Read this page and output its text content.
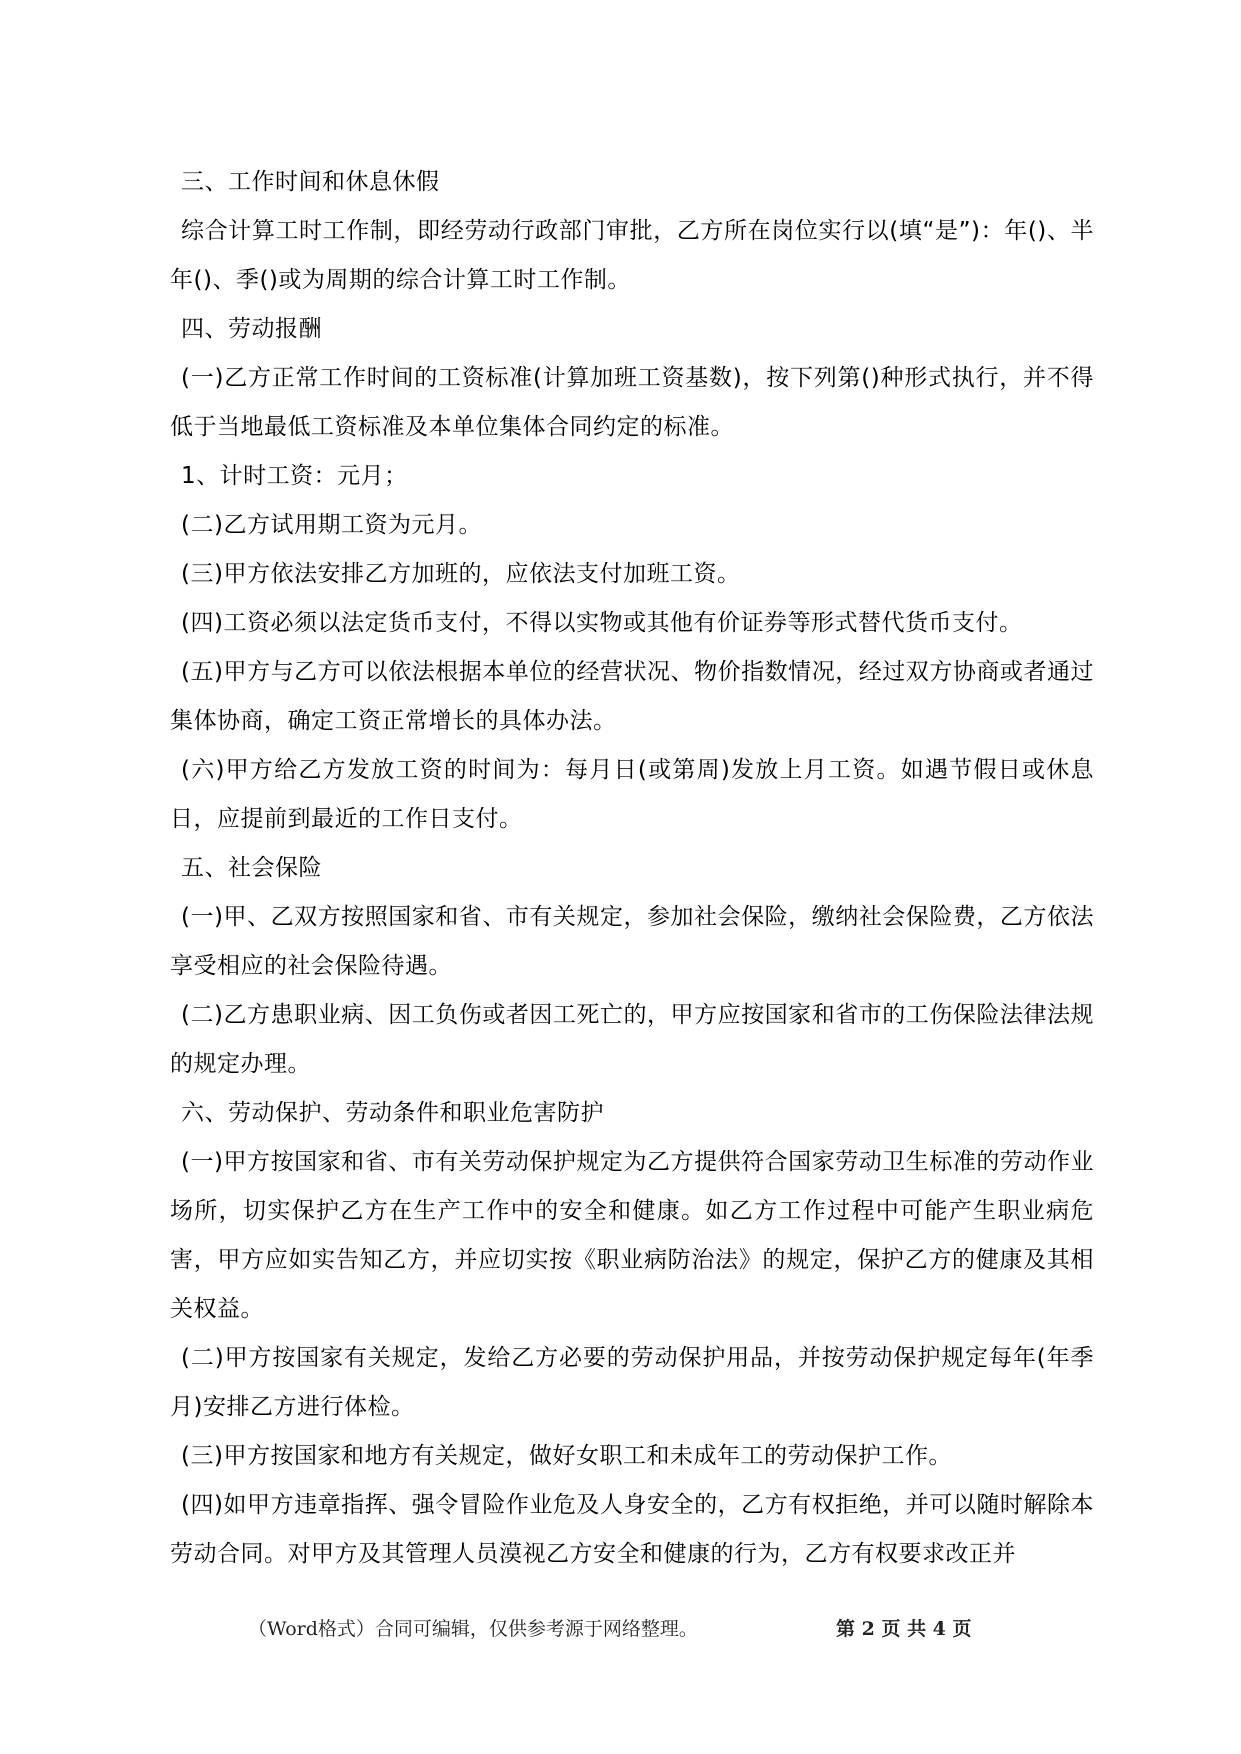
三、工作时间和休息休假

综合计算工时工作制，即经劳动行政部门审批，乙方所在岗位实行以(填“是”)：年()、半年()、季()或为周期的综合计算工时工作制。

四、劳动报酬

(一)乙方正常工作时间的工资标准(计算加班工资基数)，按下列第()种形式执行，并不得低于当地最低工资标准及本单位集体合同约定的标准。

1、计时工资：元月；

(二)乙方试用期工资为元月。

(三)甲方依法安排乙方加班的，应依法支付加班工资。

(四)工资必须以法定货币支付，不得以实物或其他有价证券等形式替代货币支付。

(五)甲方与乙方可以依法根据本单位的经营状况、物价指数情况，经过双方协商或者通过集体协商，确定工资正常增长的具体办法。

(六)甲方给乙方发放工资的时间为：每月日(或第周)发放上月工资。如遇节假日或休息日，应提前到最近的工作日支付。

五、社会保险

(一)甲、乙双方按照国家和省、市有关规定，参加社会保险，缴纳社会保险费，乙方依法享受相应的社会保险待遇。

(二)乙方患职业病、因工负伤或者因工死亡的，甲方应按国家和省市的工伤保险法律法规的规定办理。

六、劳动保护、劳动条件和职业危害防护

(一)甲方按国家和省、市有关劳动保护规定为乙方提供符合国家劳动卫生标准的劳动作业场所，切实保护乙方在生产工作中的安全和健康。如乙方工作过程中可能产生职业病危害，甲方应如实告知乙方，并应切实按《职业病防治法》的规定，保护乙方的健康及其相关权益。

(二)甲方按国家有关规定，发给乙方必要的劳动保护用品，并按劳动保护规定每年(年季月)安排乙方进行体检。

(三)甲方按国家和地方有关规定，做好女职工和未成年工的劳动保护工作。

(四)如甲方违章指挥、强令冒险作业危及人身安全的，乙方有权拒绝，并可以随时解除本劳动合同。对甲方及其管理人员漠视乙方安全和健康的行为，乙方有权要求改正并

（Word格式）合同可编辑，仅供参考源于网络整理。	第 2 页 共 4 页
